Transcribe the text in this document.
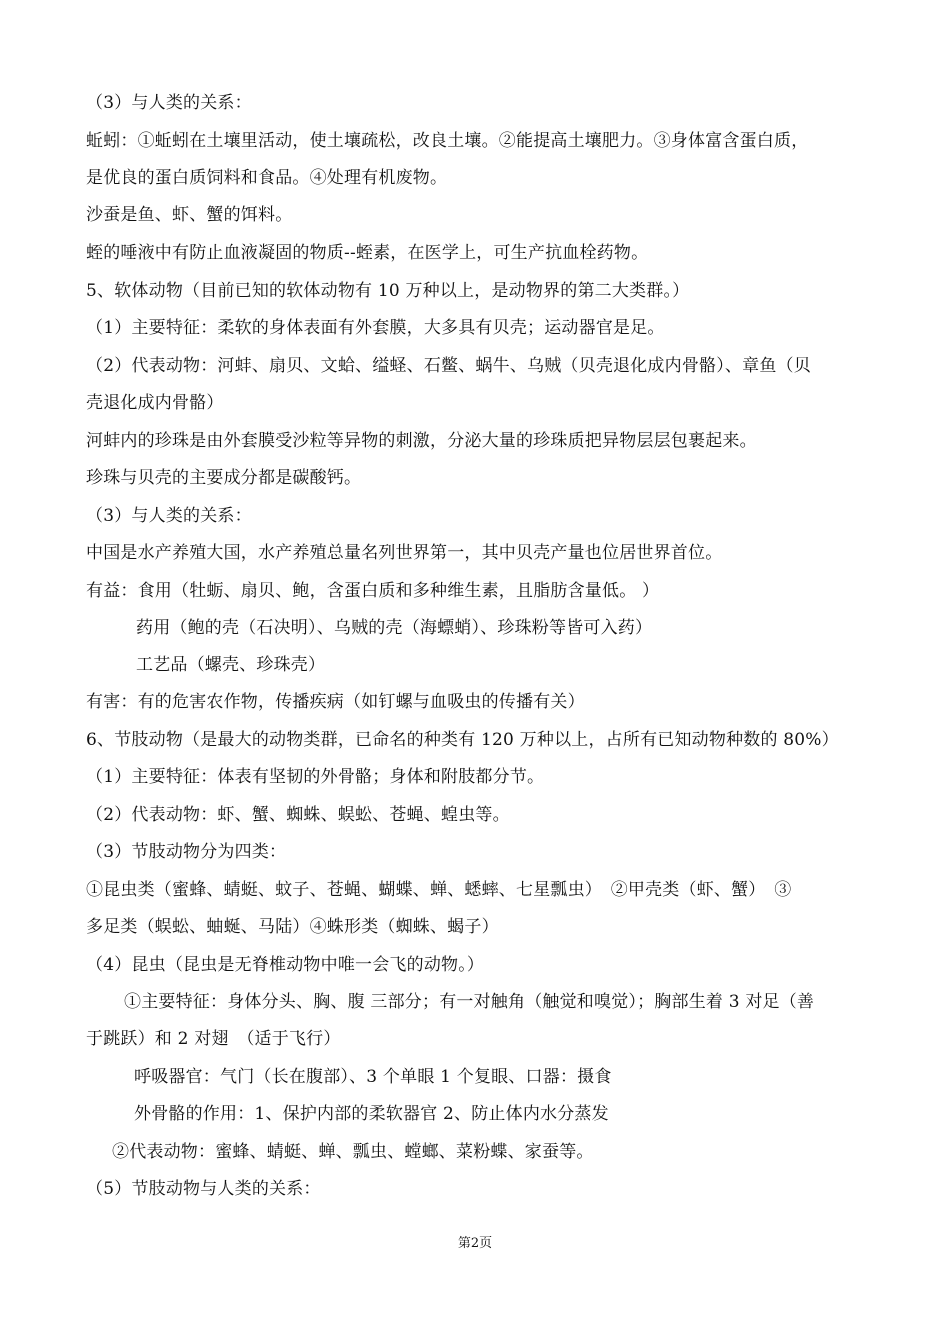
（3）与人类的关系：
蚯蚓：①蚯蚓在土壤里活动，使土壤疏松，改良土壤。②能提高土壤肥力。③身体富含蛋白质，
是优良的蛋白质饲料和食品。④处理有机废物。
沙蚕是鱼、虾、蟹的饵料。
蛭的唾液中有防止血液凝固的物质--蛭素，在医学上，可生产抗血栓药物。
5、软体动物（目前已知的软体动物有 10 万种以上，是动物界的第二大类群。）
（1）主要特征：柔软的身体表面有外套膜，大多具有贝壳；运动器官是足。
（2）代表动物：河蚌、扇贝、文蛤、缢蛏、石鳖、蜗牛、乌贼（贝壳退化成内骨骼）、章鱼（贝
壳退化成内骨骼）
河蚌内的珍珠是由外套膜受沙粒等异物的刺激，分泌大量的珍珠质把异物层层包裹起来。
珍珠与贝壳的主要成分都是碳酸钙。
（3）与人类的关系：
中国是水产养殖大国，水产养殖总量名列世界第一，其中贝壳产量也位居世界首位。
有益：食用（牡蛎、扇贝、鲍，含蛋白质和多种维生素，且脂肪含量低。 ）
药用（鲍的壳（石决明）、乌贼的壳（海螵蛸）、珍珠粉等皆可入药）
工艺品（螺壳、珍珠壳）
有害：有的危害农作物，传播疾病（如钉螺与血吸虫的传播有关）
6、节肢动物（是最大的动物类群，已命名的种类有 120 万种以上，占所有已知动物种数的 80%）
（1）主要特征：体表有坚韧的外骨骼；身体和附肢都分节。
（2）代表动物：虾、蟹、蜘蛛、蜈蚣、苍蝇、蝗虫等。
（3）节肢动物分为四类：
①昆虫类（蜜蜂、蜻蜓、蚊子、苍蝇、蝴蝶、蝉、蟋蟀、七星瓢虫）　②甲壳类（虾、蟹）　③
多足类（蜈蚣、蚰蜒、马陆）④蛛形类（蜘蛛、蝎子）
（4）昆虫（昆虫是无脊椎动物中唯一会飞的动物。）
①主要特征：身体分头、胸、腹 三部分；有一对触角（触觉和嗅觉）；胸部生着 3 对足（善
于跳跃）和 2 对翅　（适于飞行）
呼吸器官：气门（长在腹部）、3 个单眼 1 个复眼、口器：摄食
外骨骼的作用：1、保护内部的柔软器官 2、防止体内水分蒸发
②代表动物：蜜蜂、蜻蜓、蝉、瓢虫、螳螂、菜粉蝶、家蚕等。
（5）节肢动物与人类的关系：
第2页
